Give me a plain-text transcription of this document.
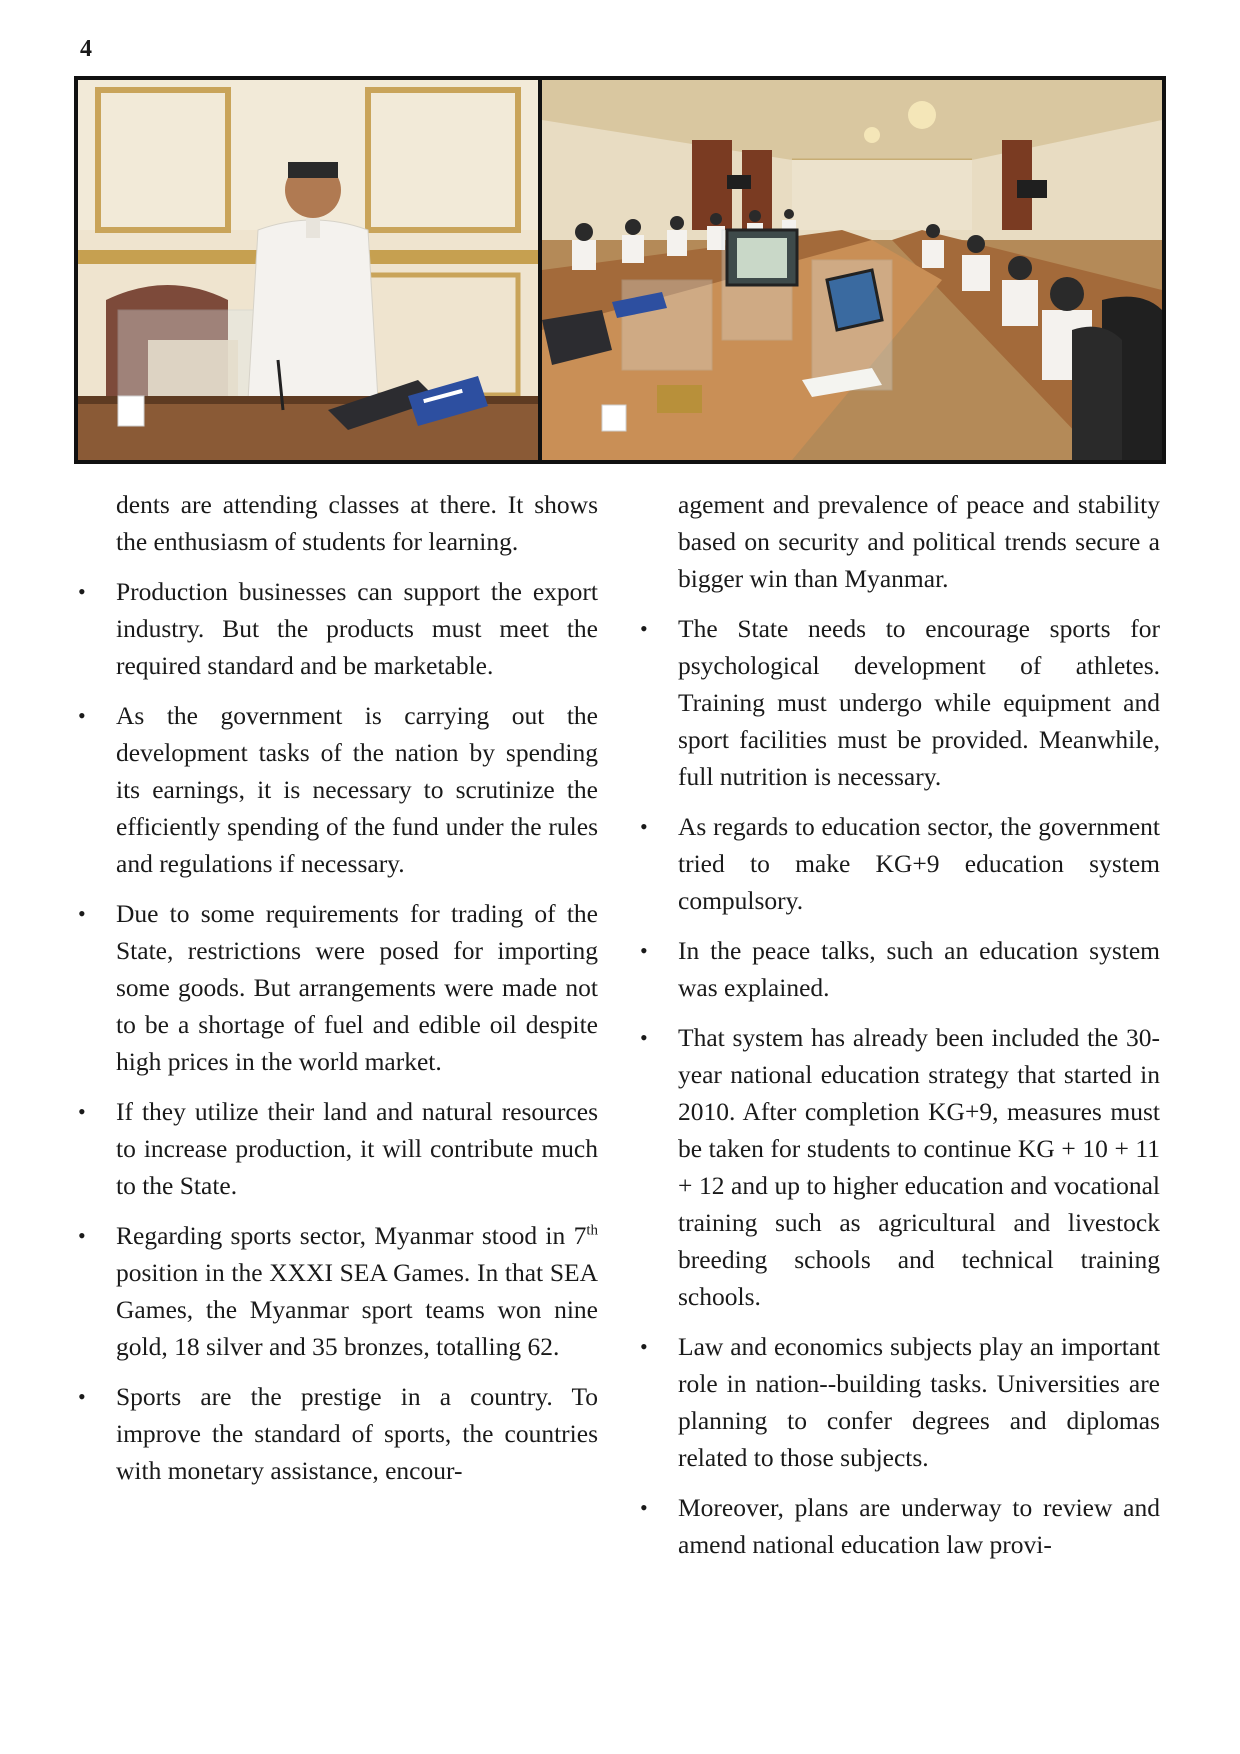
4

dents are attending classes at there. It shows the enthusiasm of students for learning.

• Production businesses can support the export industry. But the products must meet the required standard and be marketable.

• As the government is carrying out the development tasks of the nation by spending its earnings, it is necessary to scrutinize the efficiently spending of the fund under the rules and regulations if necessary.

• Due to some requirements for trading of the State, restrictions were posed for importing some goods. But arrangements were made not to be a shortage of fuel and edible oil despite high prices in the world market.

• If they utilize their land and natural resources to increase production, it will contribute much to the State.

• Regarding sports sector, Myanmar stood in 7th position in the XXXI SEA Games. In that SEA Games, the Myanmar sport teams won nine gold, 18 silver and 35 bronzes, totalling 62.

• Sports are the prestige in a country. To improve the standard of sports, the countries with monetary assistance, encour-

agement and prevalence of peace and stability based on security and political trends secure a bigger win than Myanmar.

• The State needs to encourage sports for psychological development of athletes. Training must undergo while equipment and sport facilities must be provided. Meanwhile, full nutrition is necessary.

• As regards to education sector, the government tried to make KG+9 education system compulsory.

• In the peace talks, such an education system was explained.

• That system has already been included the 30-year national education strategy that started in 2010. After completion KG+9, measures must be taken for students to continue KG + 10 + 11 + 12 and up to higher education and vocational training such as agricultural and livestock breeding schools and technical training schools.

• Law and economics subjects play an important role in nation--building tasks. Universities are planning to confer degrees and diplomas related to those subjects.

• Moreover, plans are underway to review and amend national education law provi-
